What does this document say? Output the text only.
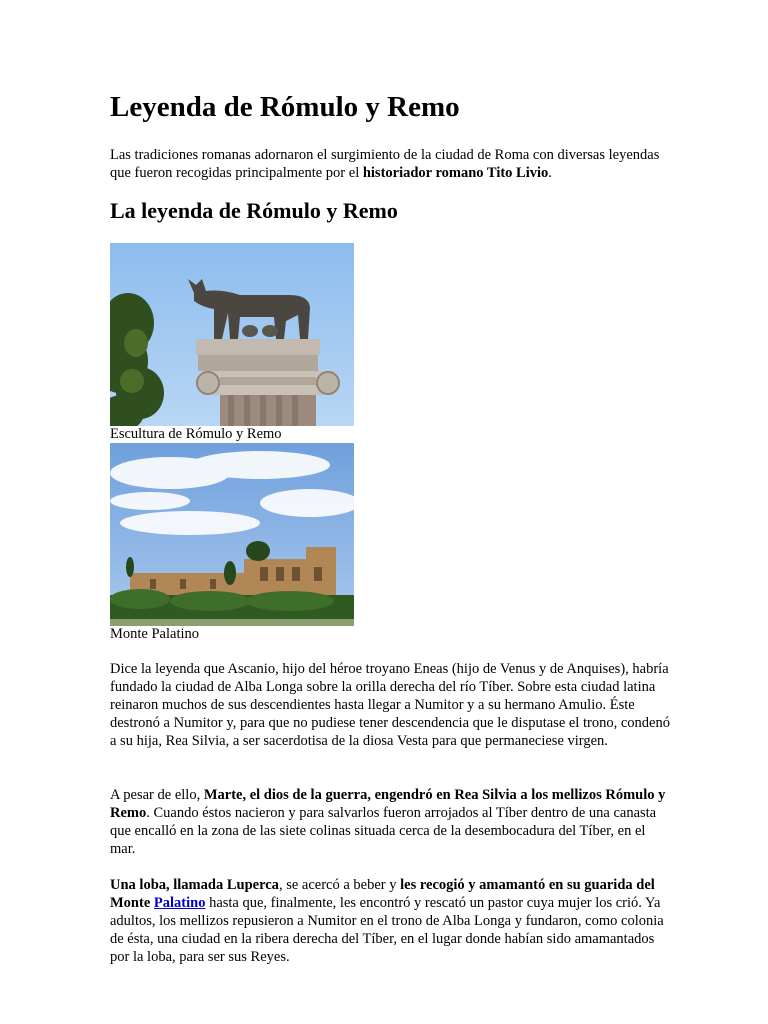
Leyenda de Rómulo y Remo

Las tradiciones romanas adornaron el surgimiento de la ciudad de Roma con diversas leyendas que fueron recogidas principalmente por el historiador romano Tito Livio.

La leyenda de Rómulo y Remo
Escultura de Rómulo y Remo
Monte Palatino

Dice la leyenda que Ascanio, hijo del héroe troyano Eneas (hijo de Venus y de Anquises), habría fundado la ciudad de Alba Longa sobre la orilla derecha del río Tíber. Sobre esta ciudad latina reinaron muchos de sus descendientes hasta llegar a Numitor y a su hermano Amulio. Éste destronó a Numitor y, para que no pudiese tener descendencia que le disputase el trono, condenó a su hija, Rea Silvia, a ser sacerdotisa de la diosa Vesta para que permaneciese virgen.

A pesar de ello, Marte, el dios de la guerra, engendró en Rea Silvia a los mellizos Rómulo y Remo. Cuando éstos nacieron y para salvarlos fueron arrojados al Tíber dentro de una canasta que encalló en la zona de las siete colinas situada cerca de la desembocadura del Tíber, en el mar.

Una loba, llamada Luperca, se acercó a beber y les recogió y amamantó en su guarida del Monte Palatino hasta que, finalmente, les encontró y rescató un pastor cuya mujer los crió. Ya adultos, los mellizos repusieron a Numitor en el trono de Alba Longa y fundaron, como colonia de ésta, una ciudad en la ribera derecha del Tíber, en el lugar donde habían sido amamantados por la loba, para ser sus Reyes.
